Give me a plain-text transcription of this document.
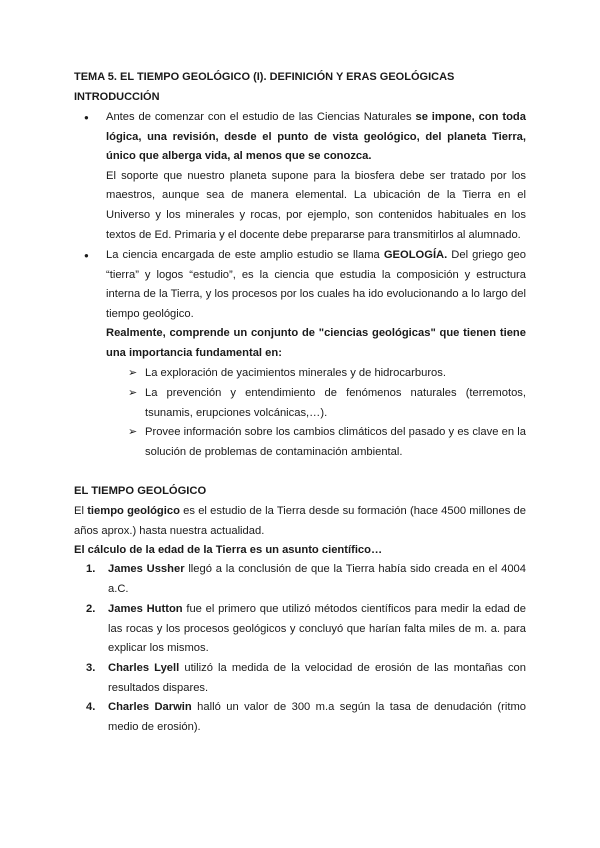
TEMA 5. EL TIEMPO GEOLÓGICO (I). DEFINICIÓN Y ERAS GEOLÓGICAS
INTRODUCCIÓN
●	Antes de comenzar con el estudio de las Ciencias Naturales se impone, con toda lógica, una revisión, desde el punto de vista geológico, del planeta Tierra, único que alberga vida, al menos que se conozca.
El soporte que nuestro planeta supone para la biosfera debe ser tratado por los maestros, aunque sea de manera elemental. La ubicación de la Tierra en el Universo y los minerales y rocas, por ejemplo, son contenidos habituales en los textos de Ed. Primaria y el docente debe prepararse para transmitirlos al alumnado.
●	La ciencia encargada de este amplio estudio se llama GEOLOGÍA. Del griego geo “tierra” y logos “estudio”, es la ciencia que estudia la composición y estructura interna de la Tierra, y los procesos por los cuales ha ido evolucionando a lo largo del tiempo geológico.
Realmente, comprende un conjunto de "ciencias geológicas" que tienen tiene una importancia fundamental en:
➢ La exploración de yacimientos minerales y de hidrocarburos.
➢ La prevención y entendimiento de fenómenos naturales (terremotos, tsunamis, erupciones volcánicas,…).
➢ Provee información sobre los cambios climáticos del pasado y es clave en la solución de problemas de contaminación ambiental.
EL TIEMPO GEOLÓGICO
El tiempo geológico es el estudio de la Tierra desde su formación (hace 4500 millones de años aprox.) hasta nuestra actualidad.
El cálculo de la edad de la Tierra es un asunto científico…
1.	James Ussher llegó a la conclusión de que la Tierra había sido creada en el 4004 a.C.
2.	James Hutton fue el primero que utilizó métodos científicos para medir la edad de las rocas y los procesos geológicos y concluyó que harían falta miles de m. a. para explicar los mismos.
3.	Charles Lyell utilizó la medida de la velocidad de erosión de las montañas con resultados dispares.
4.	Charles Darwin halló un valor de 300 m.a según la tasa de denudación (ritmo medio de erosión).
